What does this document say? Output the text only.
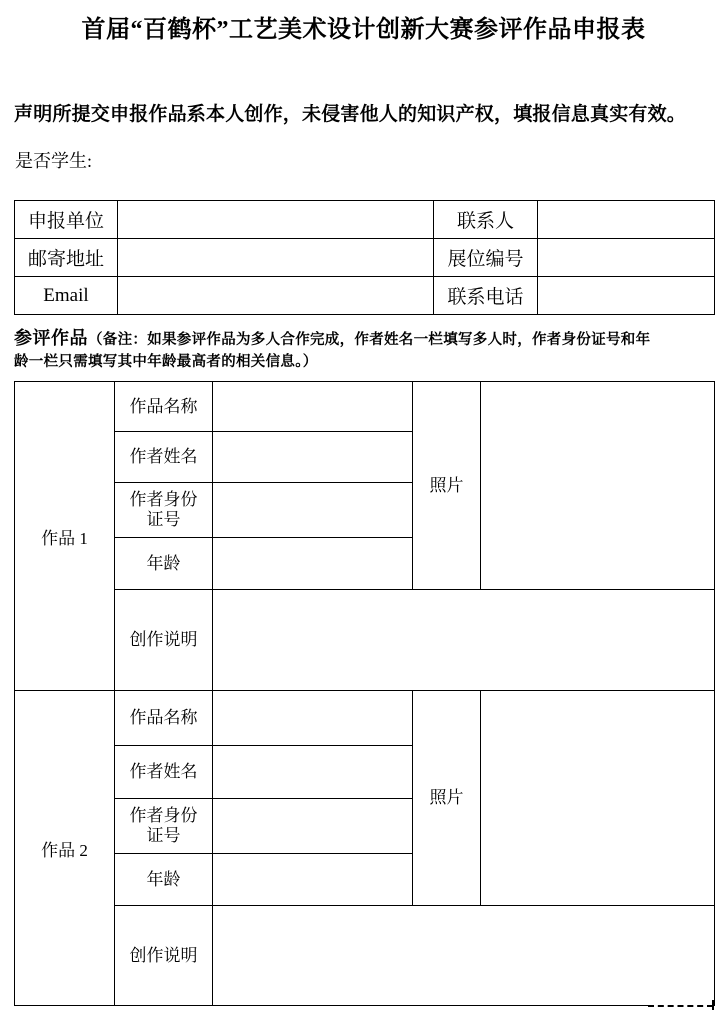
首届“百鹤杯”工艺美术设计创新大赛参评作品申报表
声明所提交申报作品系本人创作，未侵害他人的知识产权，填报信息真实有效。
是否学生:
申报单位		联系人	
邮寄地址		展位编号	
Email		联系电话	
参评作品（备注：如果参评作品为多人合作完成，作者姓名一栏填写多人时，作者身份证号和年
龄一栏只需填写其中年龄最高者的相关信息。）
作品 1	作品名称		照片	
	作者姓名			

	作者身份
证号			

	年龄			
	创作说明			
作品 2	作品名称		照片	
	作者姓名			

	作者身份
证号			

	年龄			
	创作说明			
